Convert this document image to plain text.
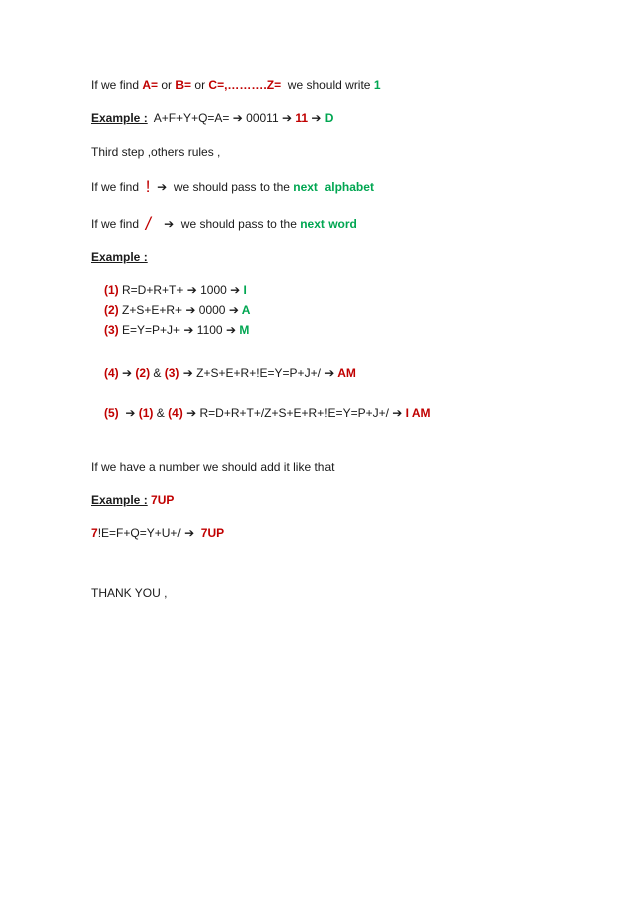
If we find A= or B= or C=,……….Z=  we should write 1
Example :  A+F+Y+Q=A= ➔ 00011 ➔ 11 ➔ D
Third step ,others rules ,
If we find  ! ➔  we should pass to the next  alphabet
If we find  / ➔  we should pass to the next word
Example :
(1) R=D+R+T+ ➔ 1000 ➔ I
(2) Z+S+E+R+ ➔ 0000 ➔ A
(3) E=Y=P+J+ ➔ 1100 ➔ M
(4) ➔ (2) & (3) ➔ Z+S+E+R+!E=Y=P+J+/ ➔ AM
(5) ➔ (1) & (4) ➔ R=D+R+T+/Z+S+E+R+!E=Y=P+J+/ ➔ I AM
If we have a number we should add it like that
Example : 7UP
7!E=F+Q=Y+U+/ ➔  7UP
THANK YOU ,
